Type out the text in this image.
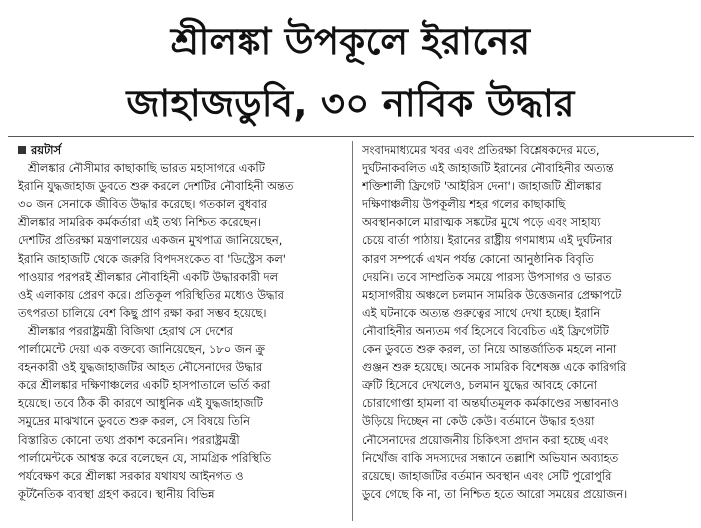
শ্রীলঙ্কা উপকূলে ইরানের
জাহাজডুবি, ৩০ নাবিক উদ্ধার
রয়টার্স
শ্রীলঙ্কার নৌসীমার কাছাকাছি ভারত মহাসাগরে একটি
ইরানি যুদ্ধজাহাজ ডুবতে শুরু করলে দেশটির নৌবাহিনী অন্তত
৩০ জন সেনাকে জীবিত উদ্ধার করেছে। গতকাল বুধবার
শ্রীলঙ্কার সামরিক কর্মকর্তারা এই তথ্য নিশ্চিত করেছেন।
দেশটির প্রতিরক্ষা মন্ত্রণালয়ের একজন মুখপাত্র জানিয়েছেন,
ইরানি জাহাজটি থেকে জরুরি বিপদসংকেত বা 'ডিস্ট্রেস কল'
পাওয়ার পরপরই শ্রীলঙ্কার নৌবাহিনী একটি উদ্ধারকারী দল
ওই এলাকায় প্রেরণ করে। প্রতিকূল পরিস্থিতির মধ্যেও উদ্ধার
তৎপরতা চালিয়ে বেশ কিছু প্রাণ রক্ষা করা সম্ভব হয়েছে।
শ্রীলঙ্কার পররাষ্ট্রমন্ত্রী বিজিথা হেরাথ সে দেশের
পার্লামেন্টে দেয়া এক বক্তব্যে জানিয়েছেন, ১৮০ জন ক্রু
বহনকারী ওই যুদ্ধজাহাজটির আহত নৌসেনাদের উদ্ধার
করে শ্রীলঙ্কার দক্ষিণাঞ্চলের একটি হাসপাতালে ভর্তি করা
হয়েছে। তবে ঠিক কী কারণে আধুনিক এই যুদ্ধজাহাজটি
সমুদ্রের মাঝখানে ডুবতে শুরু করল, সে বিষয়ে তিনি
বিস্তারিত কোনো তথ্য প্রকাশ করেননি। পররাষ্ট্রমন্ত্রী
পার্লামেন্টকে আশ্বস্ত করে বলেছেন যে, সামগ্রিক পরিস্থিতি
পর্যবেক্ষণ করে শ্রীলঙ্কা সরকার যথাযথ আইনগত ও
কূটনৈতিক ব্যবস্থা গ্রহণ করবে। স্থানীয় বিভিন্ন
সংবাদমাধ্যমের খবর এবং প্রতিরক্ষা বিশ্লেষকদের মতে,
দুর্ঘটনাকবলিত এই জাহাজটি ইরানের নৌবাহিনীর অত্যন্ত
শক্তিশালী ফ্রিগেট 'আইরিস দেনা'। জাহাজটি শ্রীলঙ্কার
দক্ষিণাঞ্চলীয় উপকূলীয় শহর গলের কাছাকাছি
অবস্থানকালে মারাত্মক সঙ্কটের মুখে পড়ে এবং সাহায্য
চেয়ে বার্তা পাঠায়। ইরানের রাষ্ট্রীয় গণমাধ্যম এই দুর্ঘটনার
কারণ সম্পর্কে এখন পর্যন্ত কোনো আনুষ্ঠানিক বিবৃতি
দেয়নি। তবে সাম্প্রতিক সময়ে পারস্য উপসাগর ও ভারত
মহাসাগরীয় অঞ্চলে চলমান সামরিক উত্তেজনার প্রেক্ষাপটে
এই ঘটনাকে অত্যন্ত গুরুত্বের সাথে দেখা হচ্ছে। ইরানি
নৌবাহিনীর অন্যতম গর্ব হিসেবে বিবেচিত এই ফ্রিগেটটি
কেন ডুবতে শুরু করল, তা নিয়ে আন্তর্জাতিক মহলে নানা
গুঞ্জন শুরু হয়েছে। অনেক সামরিক বিশেষজ্ঞ একে কারিগরি
ত্রুটি হিসেবে দেখলেও, চলমান যুদ্ধের আবহে কোনো
চোরাগোপ্তা হামলা বা অন্তর্ঘাতমূলক কর্মকাণ্ডের সম্ভাবনাও
উড়িয়ে দিচ্ছেন না কেউ কেউ। বর্তমানে উদ্ধার হওয়া
নৌসেনাদের প্রয়োজনীয় চিকিৎসা প্রদান করা হচ্ছে এবং
নিখোঁজ বাকি সদস্যদের সন্ধানে তল্লাশি অভিযান অব্যাহত
রয়েছে। জাহাজটির বর্তমান অবস্থান এবং সেটি পুরোপুরি
ডুবে গেছে কি না, তা নিশ্চিত হতে আরো সময়ের প্রয়োজন।
